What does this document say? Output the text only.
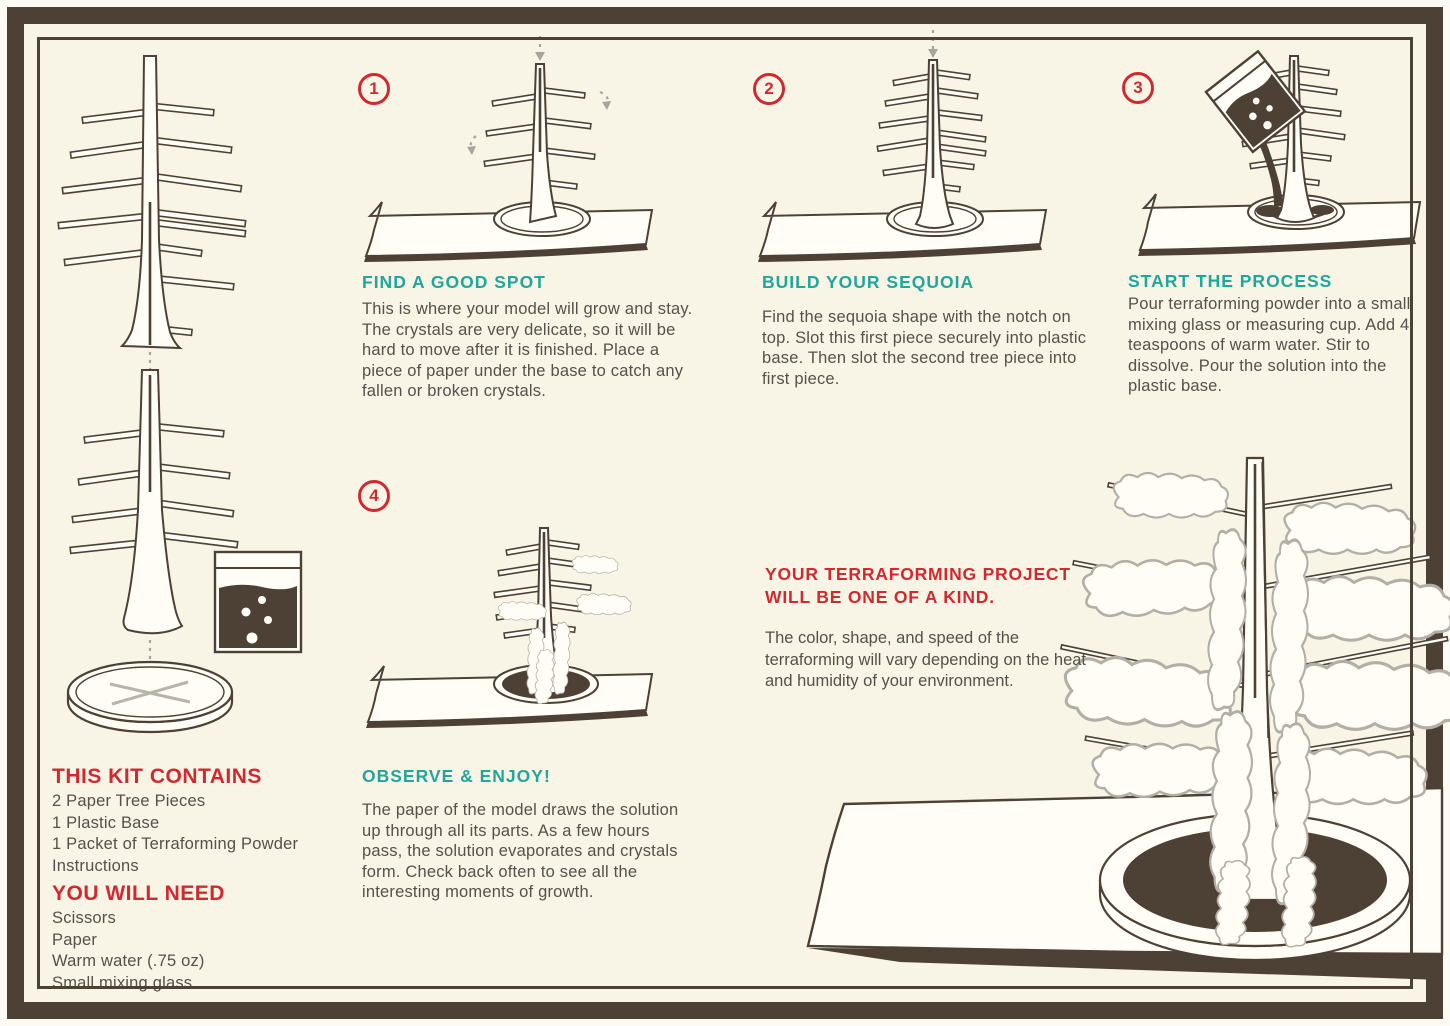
1
FIND A GOOD SPOT
This is where your model will grow and stay. The crystals are very delicate, so it will be hard to move after it is finished. Place a piece of paper under the base to catch any fallen or broken crystals.
2
BUILD YOUR SEQUOIA
Find the sequoia shape with the notch on top. Slot this first piece securely into plastic base. Then slot the second tree piece into first piece.
3
START THE PROCESS
Pour terraforming powder into a small mixing glass or measuring cup. Add 4 teaspoons of warm water. Stir to dissolve. Pour the solution into the plastic base.
4
OBSERVE & ENJOY!
The paper of the model draws the solution up through all its parts. As a few hours pass, the solution evaporates and crystals form. Check back often to see all the interesting moments of growth.
THIS KIT CONTAINS
2 Paper Tree Pieces
1 Plastic Base
1 Packet of Terraforming Powder
Instructions
YOU WILL NEED
Scissors
Paper
Warm water (.75 oz)
Small mixing glass
YOUR TERRAFORMING PROJECT
WILL BE ONE OF A KIND.
The color, shape, and speed of the terraforming will vary depending on the heat and humidity of your environment.
